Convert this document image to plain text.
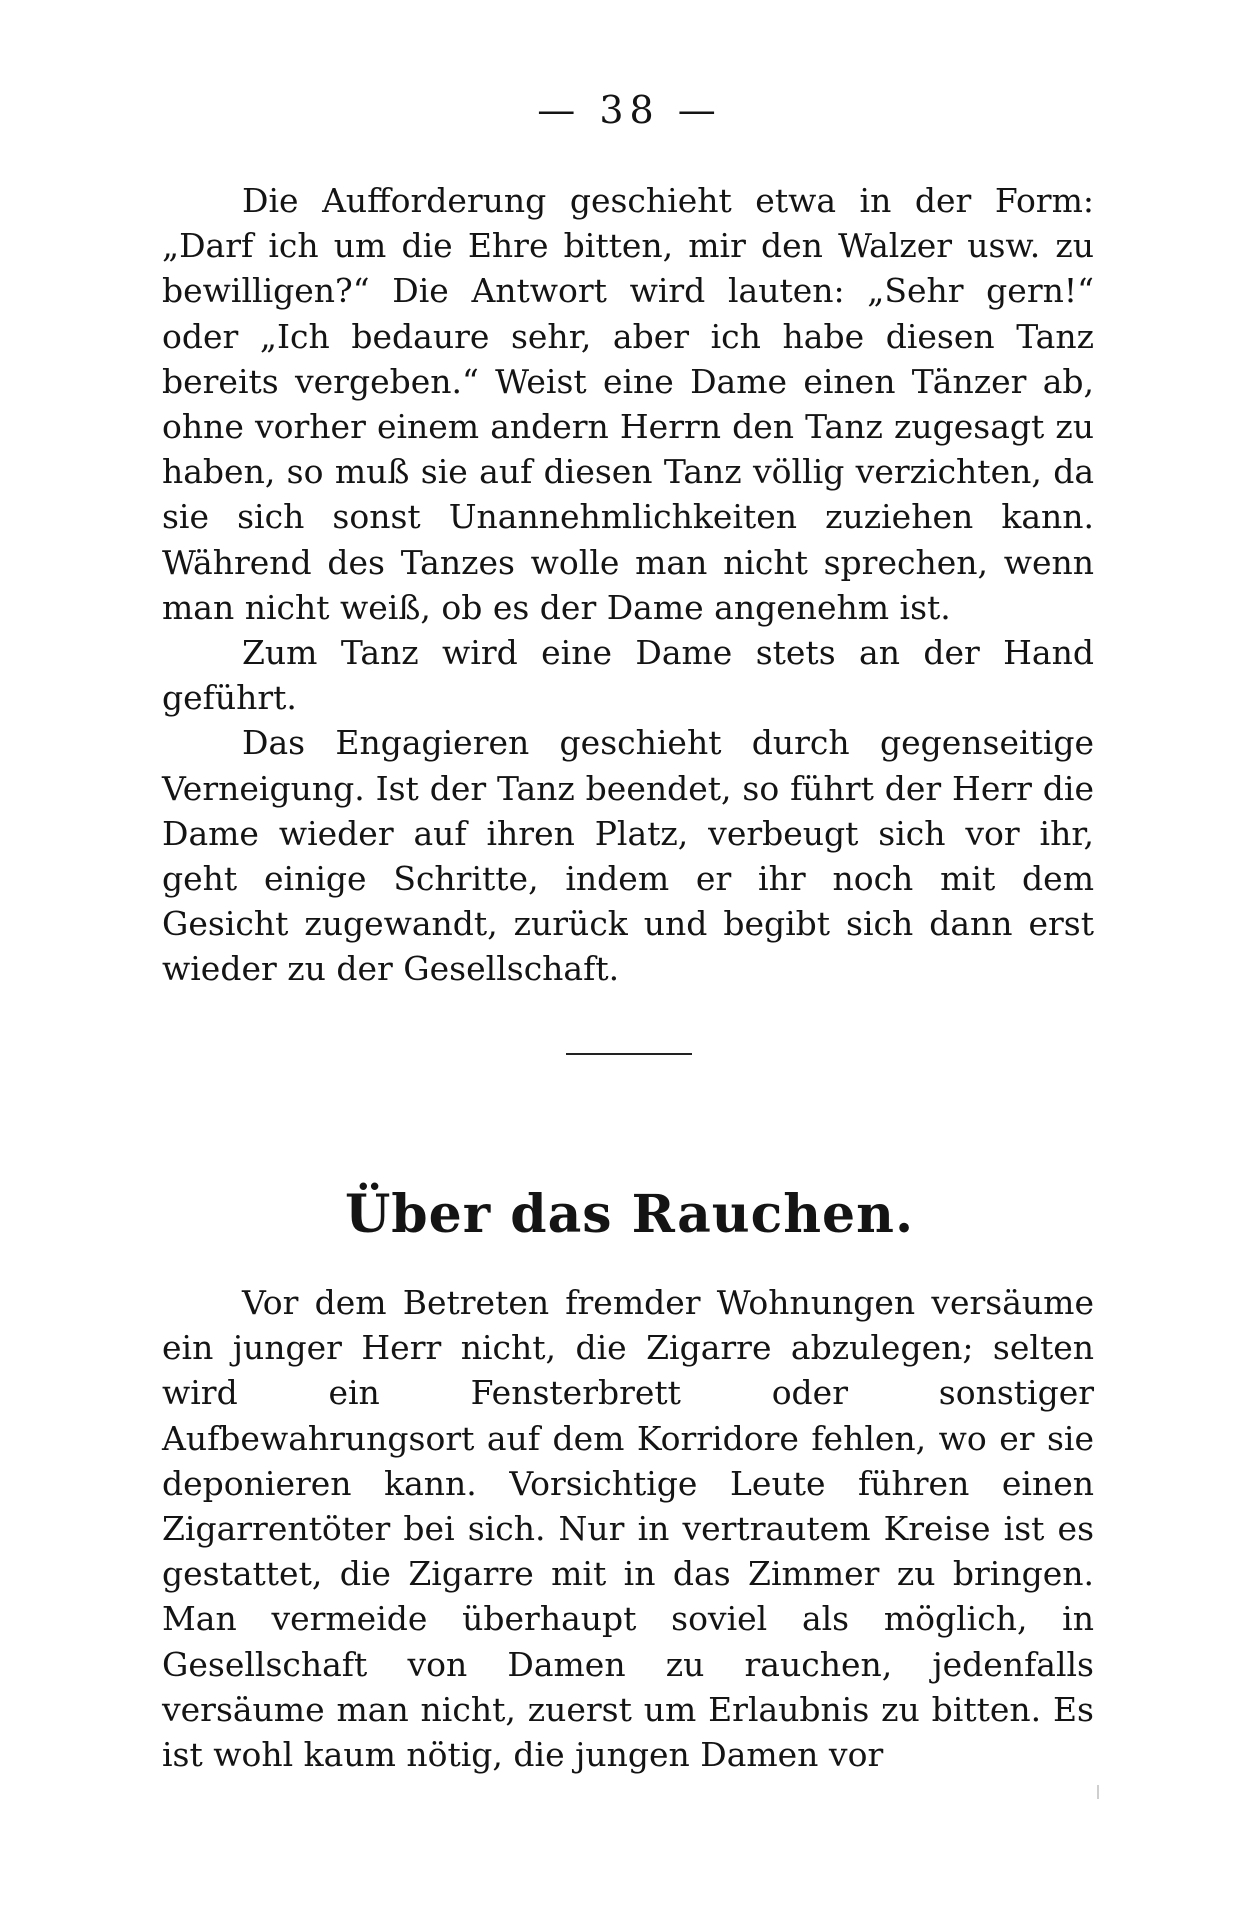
— 38 —

Die Aufforderung geschieht etwa in der Form: „Darf ich um die Ehre bitten, mir den Walzer usw. zu bewilligen?“ Die Antwort wird lauten: „Sehr gern!“ oder „Ich bedaure sehr, aber ich habe diesen Tanz bereits vergeben.“ Weist eine Dame einen Tänzer ab, ohne vorher einem andern Herrn den Tanz zugesagt zu haben, so muß sie auf diesen Tanz völlig verzichten, da sie sich sonst Unannehmlichkeiten zuziehen kann. Während des Tanzes wolle man nicht sprechen, wenn man nicht weiß, ob es der Dame angenehm ist.

Zum Tanz wird eine Dame stets an der Hand geführt.

Das Engagieren geschieht durch gegenseitige Verneigung. Ist der Tanz beendet, so führt der Herr die Dame wieder auf ihren Platz, verbeugt sich vor ihr, geht einige Schritte, indem er ihr noch mit dem Gesicht zugewandt, zurück und begibt sich dann erst wieder zu der Gesellschaft.

Über das Rauchen.

Vor dem Betreten fremder Wohnungen versäume ein junger Herr nicht, die Zigarre abzulegen; selten wird ein Fensterbrett oder sonstiger Aufbewahrungsort auf dem Korridore fehlen, wo er sie deponieren kann. Vorsichtige Leute führen einen Zigarrentöter bei sich. Nur in vertrautem Kreise ist es gestattet, die Zigarre mit in das Zimmer zu bringen. Man vermeide überhaupt soviel als möglich, in Gesellschaft von Damen zu rauchen, jedenfalls versäume man nicht, zuerst um Erlaubnis zu bitten. Es ist wohl kaum nötig, die jungen Damen vor
